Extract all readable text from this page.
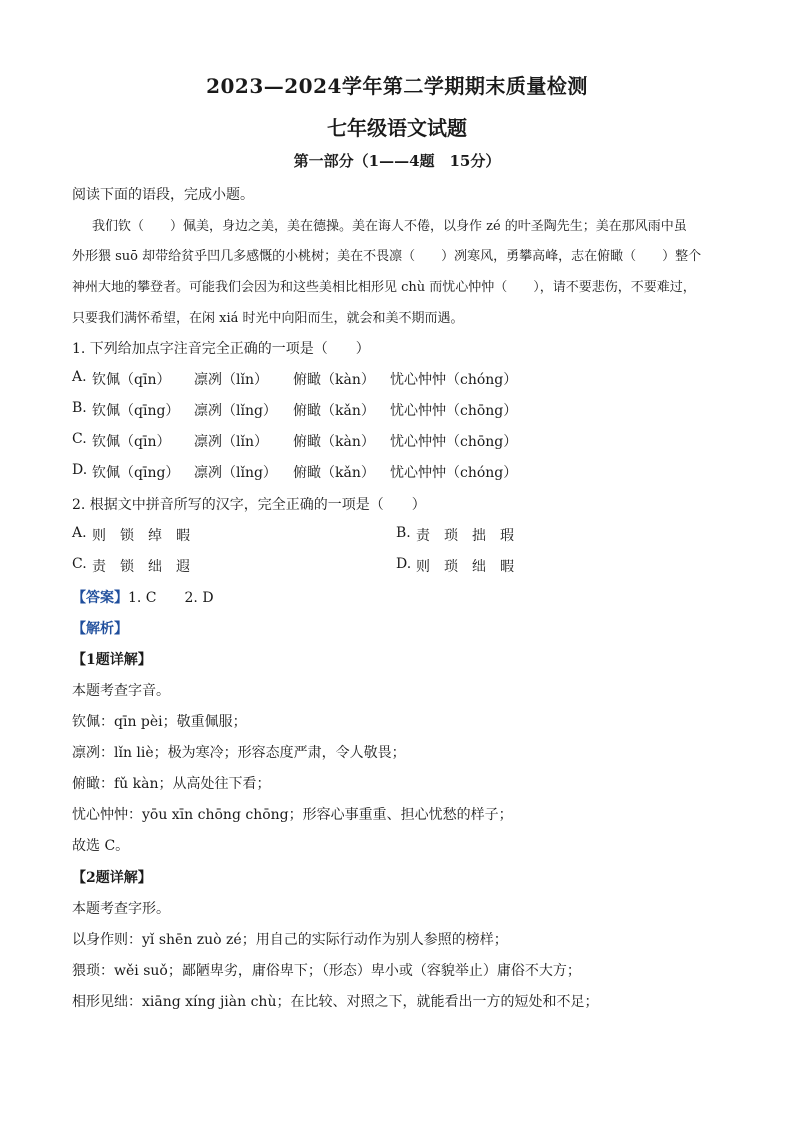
2023—2024学年第二学期期末质量检测
七年级语文试题
第一部分（1——4题　15分）
阅读下面的语段，完成小题。
我们钦（　　）佩美，身边之美，美在德操。美在诲人不倦，以身作 zé 的叶圣陶先生；美在那风雨中虽
外形猥 suō 却带给贫乎凹几多感慨的小桃树；美在不畏凛（　　）冽寒风，勇攀高峰，志在俯瞰（　　）整个
神州大地的攀登者。可能我们会因为和这些美相比相形见 chù 而忧心忡忡（　　），请不要悲伤，不要难过，
只要我们满怀希望，在闲 xiá 时光中向阳而生，就会和美不期而遇。
1. 下列给加点字注音完全正确的一项是（　　）
A. 钦佩（qīn） 凛冽（lǐn） 俯瞰（kàn） 忧心忡忡（chóng）
B. 钦佩（qīng） 凛冽（lǐng） 俯瞰（kǎn） 忧心忡忡（chōng）
C. 钦佩（qīn） 凛冽（lǐn） 俯瞰（kàn） 忧心忡忡（chōng）
D. 钦佩（qīng） 凛冽（lǐng） 俯瞰（kǎn） 忧心忡忡（chóng）
2. 根据文中拼音所写的汉字，完全正确的一项是（　　）
A. 则　锁　绰　暇	B. 责　琐　拙　瑕
C. 责　锁　绌　遐	D. 则　琐　绌　暇
【答案】1. C　　2. D
【解析】
【1题详解】
本题考查字音。
钦佩：qīn pèi；敬重佩服；
凛冽：lǐn liè；极为寒冷；形容态度严肃，令人敬畏；
俯瞰：fǔ kàn；从高处往下看；
忧心忡忡：yōu xīn chōng chōng；形容心事重重、担心忧愁的样子；
故选 C。
【2题详解】
本题考查字形。
以身作则：yǐ shēn zuò zé；用自己的实际行动作为别人参照的榜样；
猥琐：wěi suǒ；鄙陋卑劣，庸俗卑下；（形态）卑小或（容貌举止）庸俗不大方；
相形见绌：xiāng xíng jiàn chù；在比较、对照之下，就能看出一方的短处和不足；
